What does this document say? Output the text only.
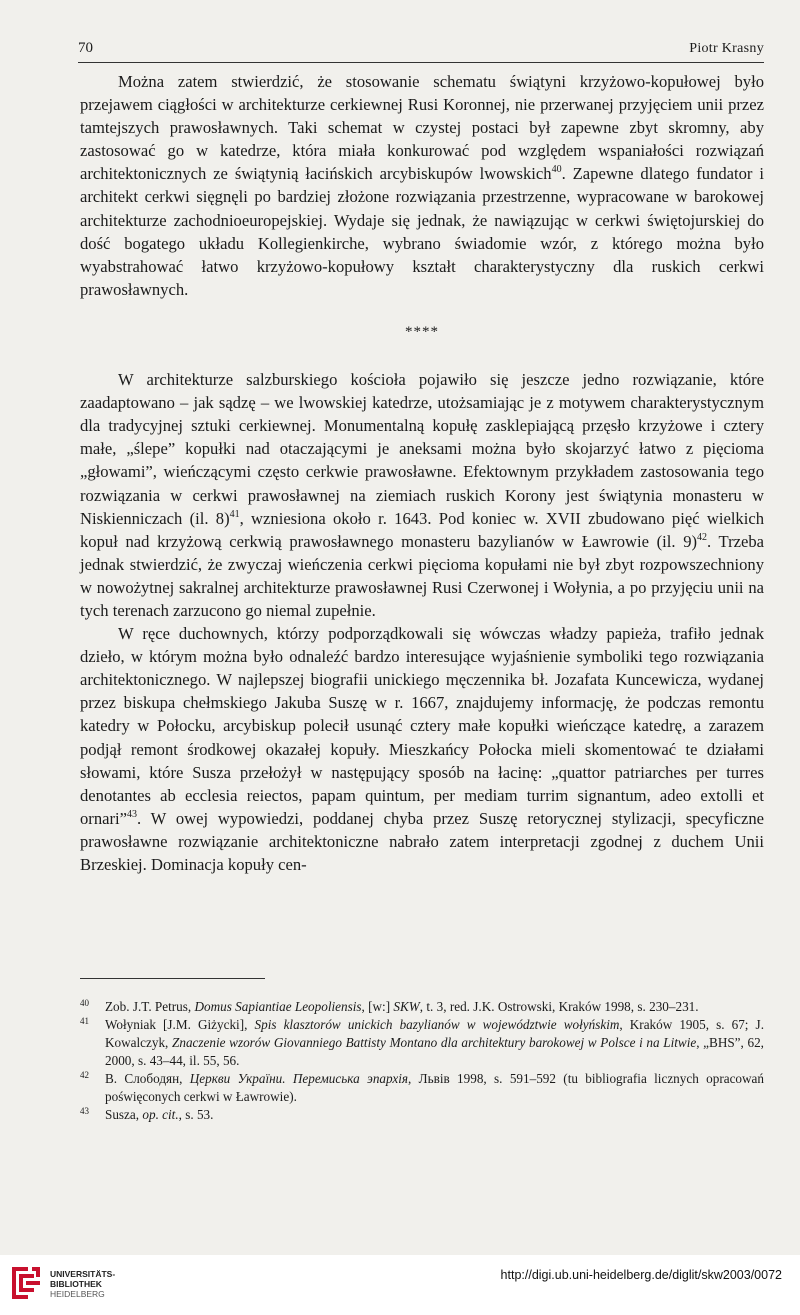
70	Piotr Krasny

Można zatem stwierdzić, że stosowanie schematu świątyni krzyżowo-kopułowej było przejawem ciągłości w architekturze cerkiewnej Rusi Koronnej, nie przerwanej przyjęciem unii przez tamtejszych prawosławnych. Taki schemat w czystej postaci był zapewne zbyt skromny, aby zastosować go w katedrze, która miała konkurować pod względem wspaniałości rozwiązań architektonicznych ze świątynią łacińskich arcybiskupów lwowskich$^{40}$. Zapewne dlatego fundator i architekt cerkwi sięgnęli po bardziej złożone rozwiązania przestrzenne, wypracowane w barokowej architekturze zachodnioeuropejskiej. Wydaje się jednak, że nawiązując w cerkwi świętojurskiej do dość bogatego układu Kollegienkirche, wybrano świadomie wzór, z którego można było wyabstrahować łatwo krzyżowo-kopułowy kształt charakterystyczny dla ruskich cerkwi prawosławnych.

****

W architekturze salzburskiego kościoła pojawiło się jeszcze jedno rozwiązanie, które zaadaptowano – jak sądzę – we lwowskiej katedrze, utożsamiając je z motywem charakterystycznym dla tradycyjnej sztuki cerkiewnej. Monumentalną kopułę zasklepiającą przęsło krzyżowe i cztery małe, „ślepe” kopułki nad otaczającymi je aneksami można było skojarzyć łatwo z pięcioma „głowami”, wieńczącymi często cerkwie prawosławne. Efektownym przykładem zastosowania tego rozwiązania w cerkwi prawosławnej na ziemiach ruskich Korony jest świątynia monasteru w Niskienniczach (il. 8)$^{41}$, wzniesiona około r. 1643. Pod koniec w. XVII zbudowano pięć wielkich kopuł nad krzyżową cerkwią prawosławnego monasteru bazylianów w Ławrowie (il. 9)$^{42}$. Trzeba jednak stwierdzić, że zwyczaj wieńczenia cerkwi pięcioma kopułami nie był zbyt rozpowszechniony w nowożytnej sakralnej architekturze prawosławnej Rusi Czerwonej i Wołynia, a po przyjęciu unii na tych terenach zarzucono go niemal zupełnie.

W ręce duchownych, którzy podporządkowali się wówczas władzy papieża, trafiło jednak dzieło, w którym można było odnaleźć bardzo interesujące wyjaśnienie symboliki tego rozwiązania architektonicznego. W najlepszej biografii unickiego męczennika bł. Jozafata Kuncewicza, wydanej przez biskupa chełmskiego Jakuba Suszę w r. 1667, znajdujemy informację, że podczas remontu katedry w Połocku, arcybiskup polecił usunąć cztery małe kopułki wieńczące katedrę, a zarazem podjął remont środkowej okazałej kopuły. Mieszkańcy Połocka mieli skomentować te działami słowami, które Susza przełożył w następujący sposób na łacinę: „quattor patriarches per turres denotantes ab ecclesia reiectos, papam quintum, per mediam turrim signantum, adeo extolli et ornari”$^{43}$. W owej wypowiedzi, poddanej chyba przez Suszę retorycznej stylizacji, specyficzne prawosławne rozwiązanie architektoniczne nabrało zatem interpretacji zgodnej z duchem Unii Brzeskiej. Dominacja kopuły cen-

40 Zob. J.T. Petrus, Domus Sapiantiae Leopoliensis, [w:] SKW, t. 3, red. J.K. Ostrowski, Kraków 1998, s. 230–231.
41 Wołyniak [J.M. Giżycki], Spis klasztorów unickich bazylianów w województwie wołyńskim, Kraków 1905, s. 67; J. Kowalczyk, Znaczenie wzorów Giovanniego Battisty Montano dla architektury barokowej w Polsce i na Litwie, „BHS”, 62, 2000, s. 43–44, il. 55, 56.
42 В. Слободян, Церкви України. Перемиська эпархія, Львів 1998, s. 591–592 (tu bibliografia licznych opracowań poświęconych cerkwi w Ławrowie).
43 Susza, op. cit., s. 53.
UNIVERSITÄTS-
BIBLIOTHEK
HEIDELBERG
http://digi.ub.uni-heidelberg.de/diglit/skw2003/0072
